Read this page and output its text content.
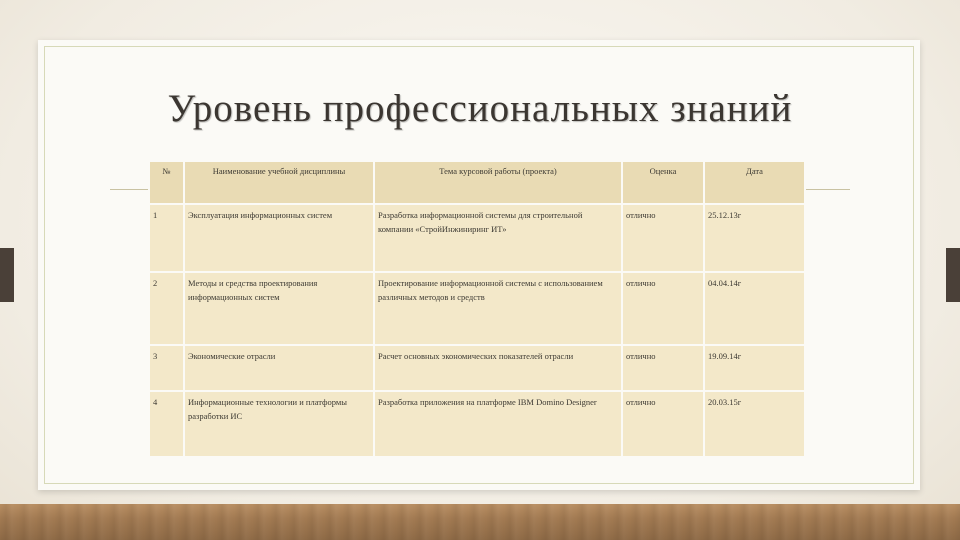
Уровень профессиональных знаний
№	Наименование учебной дисциплины	Тема курсовой работы (проекта)	Оценка	Дата
1	Эксплуатация информационных систем	Разработка информационной системы для строительной компании «СтройИнжиниринг ИТ»	отлично	25.12.13г
2	Методы и средства проектирования информационных систем	Проектирование информационной системы с использованием различных методов и средств	отлично	04.04.14г
3	Экономические отрасли	Расчет основных экономических показателей отрасли	отлично	19.09.14г
4	Информационные технологии и платформы разработки ИС	Разработка приложения на платформе IBM Domino Designer	отлично	20.03.15г
